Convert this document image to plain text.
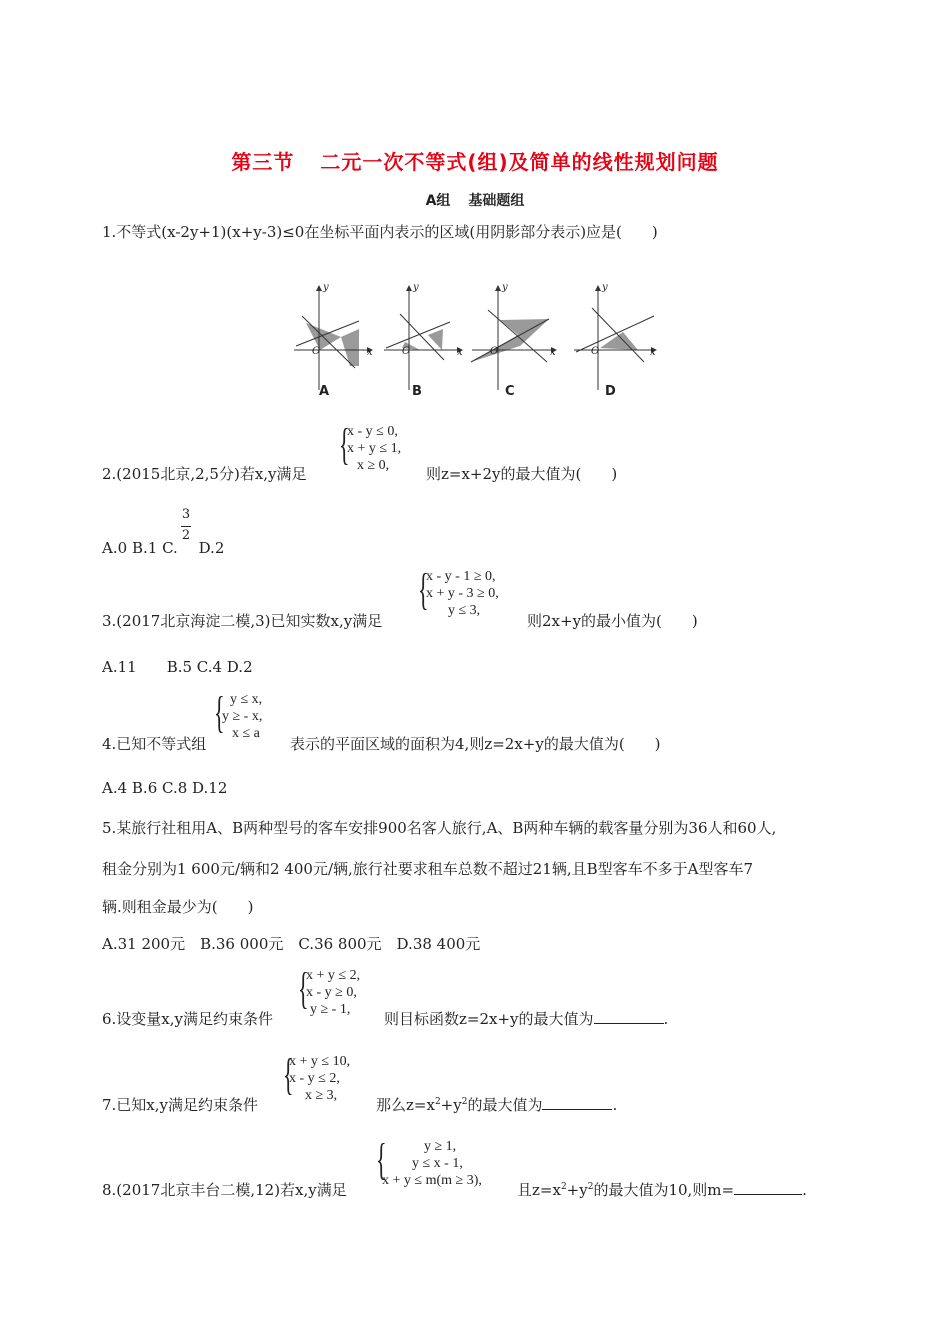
第三节 二元一次不等式(组)及简单的线性规划问题
A组 基础题组
1.不等式(x-2y+1)(x+y-3)≤0在坐标平面内表示的区域(用阴影部分表示)应是(　　)
y
x
O
y
x
O
y
x
O
y
x
O
A	B	C	D
2.(2015北京,2,5分)若x,y满足
{
x - y ≤ 0,
x + y ≤ 1,
x ≥ 0, 则z=x+2y的最大值为(　　)
A.0 B.1 C. D.2
3
2
3.(2017北京海淀二模,3)已知实数x,y满足
{
x - y - 1 ≥ 0,
x + y - 3 ≥ 0,
y ≤ 3,
则2x+y的最小值为(　　)
A.11　　B.5 C.4 D.2
4.已知不等式组
{ y ≤ x,
y ≥ - x,
x ≤ a
表示的平面区域的面积为4,则z=2x+y的最大值为(　　)
A.4 B.6 C.8 D.12
5.某旅行社租用A、B两种型号的客车安排900名客人旅行,A、B两种车辆的载客量分别为36人和60人,
租金分别为1 600元/辆和2 400元/辆,旅行社要求租车总数不超过21辆,且B型客车不多于A型客车7
辆.则租金最少为(　　)
A.31 200元　B.36 000元　C.36 800元　D.38 400元
6.设变量x,y满足约束条件
{
x + y ≤ 2,
x - y ≥ 0,
y ≥ - 1,
则目标函数z=2x+y的最大值为	.
7.已知x,y满足约束条件
{
x + y ≤ 10,
x - y ≤ 2,
x ≥ 3,
那么$z=x^2+y^2$的最大值为	.
8.(2017北京丰台二模,12)若x,y满足
{	y ≥ 1,
y ≤ x - 1,
x + y ≤ m(m ≥ 3),
且$z=x^2+y^2$的最大值为10,则m=	.
